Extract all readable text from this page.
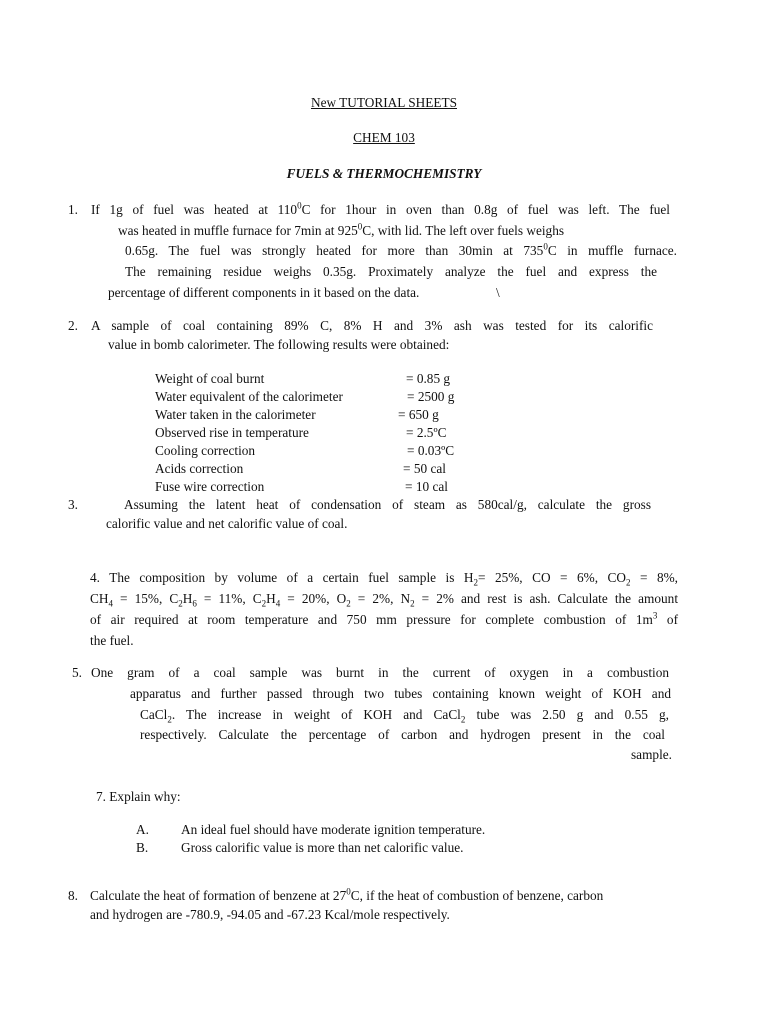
New TUTORIAL SHEETS
CHEM 103
FUELS & THERMOCHEMISTRY
1. If 1g of fuel was heated at $110^0C$ for 1hour in oven than 0.8g of fuel was left. The fuel
was heated in muffle furnace for 7min at $925^0C$, with lid. The left over fuels weighs
0.65g. The fuel was strongly heated for more than 30min at $735^0C$ in muffle furnace.
The remaining residue weighs 0.35g. Proximately analyze the fuel and express the
percentage of different components in it based on the data.	\
2. A sample of coal containing 89% C, 8% H and 3% ash was tested for its calorific
value in bomb calorimeter. The following results were obtained:
Weight of coal burnt	= 0.85 g
Water equivalent of the calorimeter	= 2500 g
Water taken in the calorimeter	= 650 g
Observed rise in temperature	= 2.5ºC
Cooling correction	= 0.03ºC
Acids correction	= 50 cal
Fuse wire correction	= 10 cal
3.	Assuming the latent heat of condensation of steam as 580cal/g, calculate the gross
calorific value and net calorific value of coal.
4. The composition by volume of a certain fuel sample is $H_2= 25\%$, CO = 6%, $CO_2 = 8\%$,
$CH_4 = 15\%$, $C_2H_6 = 11\%$, $C_2H_4 = 20\%$, $O_2 = 2\%$, $N_2 = 2\%$ and rest is ash. Calculate the amount
of air required at room temperature and 750 mm pressure for complete combustion of $1m^3$ of
the fuel.
5. One gram of a coal sample was burnt in the current of oxygen in a combustion
apparatus and further passed through two tubes containing known weight of KOH and
CaCl$_2$. The increase in weight of KOH and CaCl$_2$ tube was 2.50 g and 0.55 g,
respectively. Calculate the percentage of carbon and hydrogen present in the coal
sample.
7. Explain why:
A. An ideal fuel should have moderate ignition temperature.
B. Gross calorific value is more than net calorific value.
8. Calculate the heat of formation of benzene at $27^0C$, if the heat of combustion of benzene, carbon
and hydrogen are -780.9, -94.05 and -67.23 Kcal/mole respectively.
